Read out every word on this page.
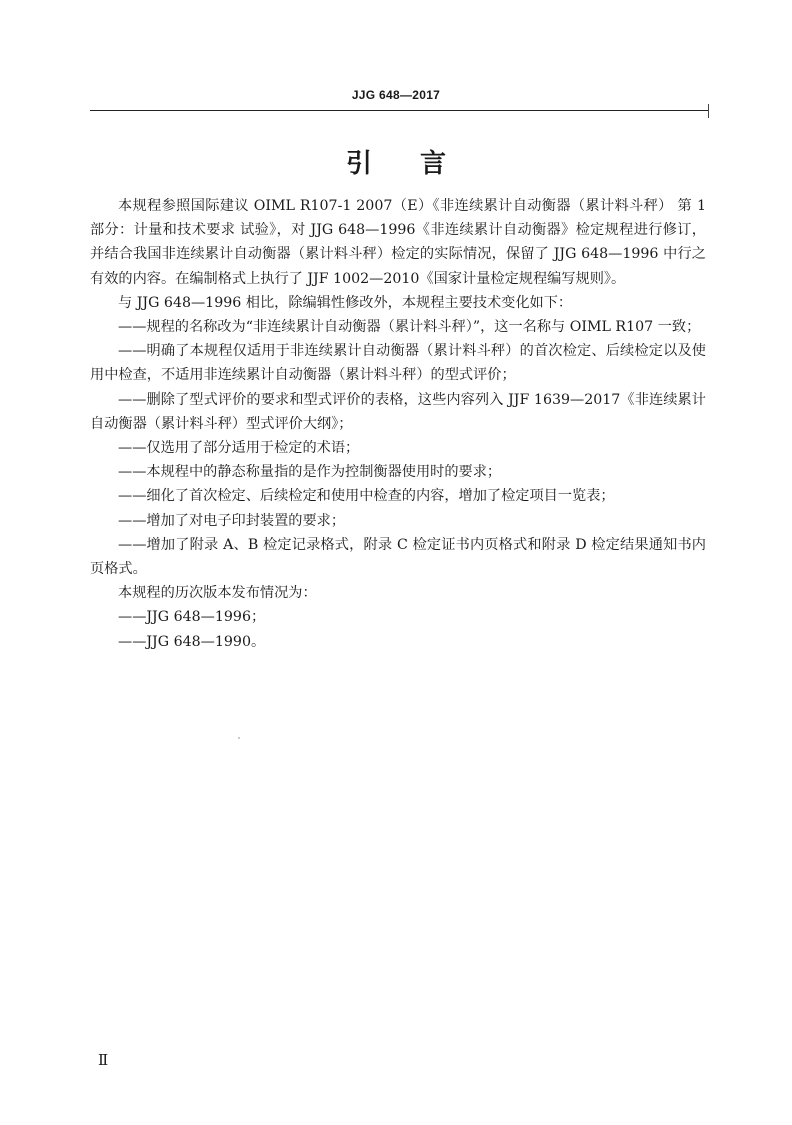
JJG 648—2017
引言

本规程参照国际建议 OIML R107-1 2007（E）《非连续累计自动衡器（累计料斗秤） 第 1 部分：计量和技术要求 试验》，对 JJG 648—1996《非连续累计自动衡器》检定规程进行修订，并结合我国非连续累计自动衡器（累计料斗秤）检定的实际情况，保留了 JJG 648—1996 中行之有效的内容。在编制格式上执行了 JJF 1002—2010《国家计量检定规程编写规则》。

与 JJG 648—1996 相比，除编辑性修改外，本规程主要技术变化如下：

——规程的名称改为“非连续累计自动衡器（累计料斗秤）”，这一名称与 OIML R107 一致；

——明确了本规程仅适用于非连续累计自动衡器（累计料斗秤）的首次检定、后续检定以及使用中检查，不适用非连续累计自动衡器（累计料斗秤）的型式评价；

——删除了型式评价的要求和型式评价的表格，这些内容列入 JJF 1639—2017《非连续累计自动衡器（累计料斗秤）型式评价大纲》；

——仅选用了部分适用于检定的术语；

——本规程中的静态称量指的是作为控制衡器使用时的要求；

——细化了首次检定、后续检定和使用中检查的内容，增加了检定项目一览表；

——增加了对电子印封装置的要求；

——增加了附录 A、B 检定记录格式，附录 C 检定证书内页格式和附录 D 检定结果通知书内页格式。

本规程的历次版本发布情况为：

——JJG 648—1996；

——JJG 648—1990。

Ⅱ
